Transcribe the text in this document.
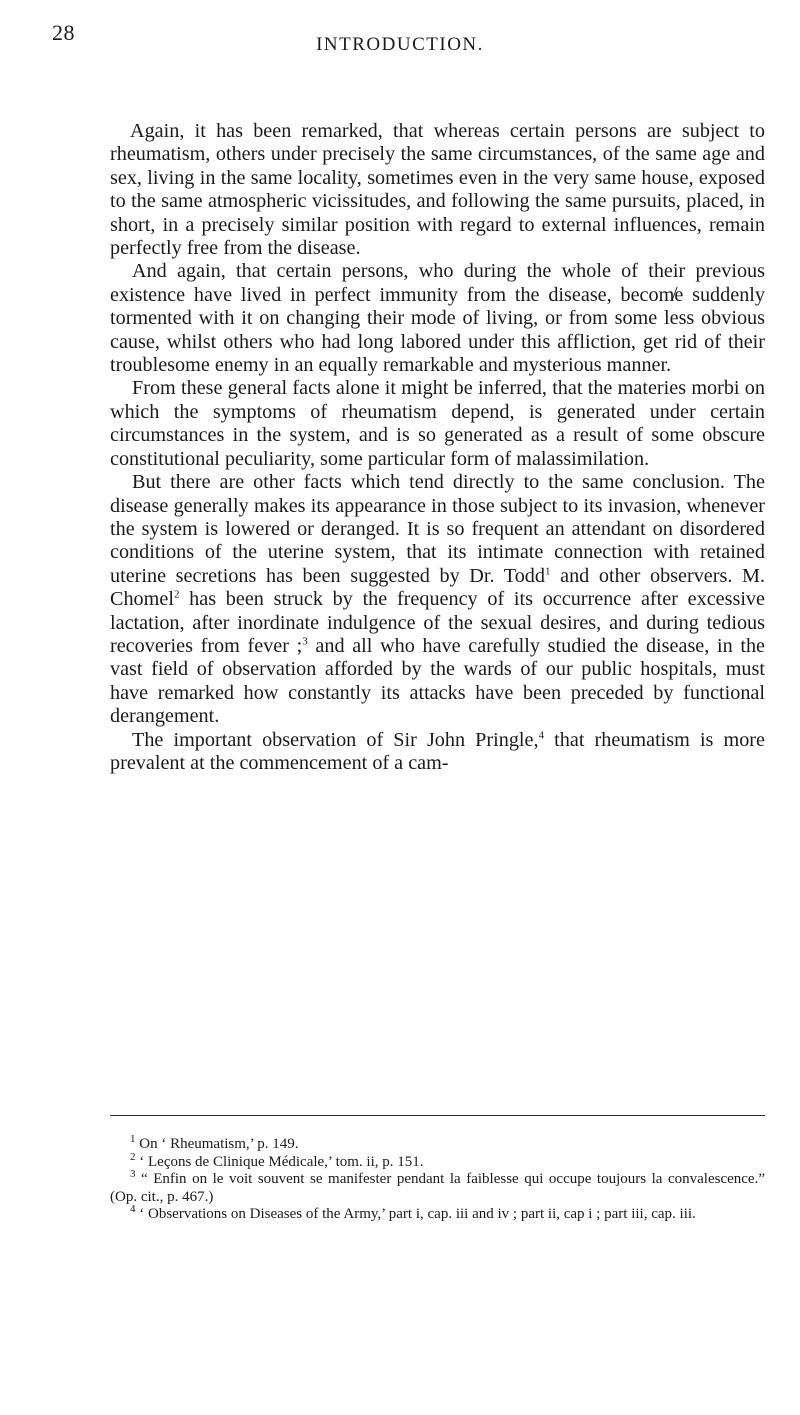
28	INTRODUCTION.

Again, it has been remarked, that whereas certain persons are subject to rheumatism, others under precisely the same circumstances, of the same age and sex, living in the same locality, sometimes even in the very same house, exposed to the same atmospheric vicissitudes, and following the same pursuits, placed, in short, in a precisely similar position with regard to external influences, remain perfectly free from the disease.

And again, that certain persons, who during the whole of their previous existence have lived in perfect immunity from the disease, becom̸e suddenly tormented with it on changing their mode of living, or from some less obvious cause, whilst others who had long labored under this affliction, get rid of their troublesome enemy in an equally remarkable and mysterious manner.

From these general facts alone it might be inferred, that the materies morbi on which the symptoms of rheumatism depend, is generated under certain circumstances in the system, and is so generated as a result of some obscure constitutional peculiarity, some particular form of malassimilation.

But there are other facts which tend directly to the same conclusion. The disease generally makes its appearance in those subject to its invasion, whenever the system is lowered or deranged. It is so frequent an attendant on disordered conditions of the uterine system, that its intimate connection with retained uterine secretions has been suggested by Dr. Todd$^1$ and other observers. M. Chomel$^2$ has been struck by the frequency of its occurrence after excessive lactation, after inordinate indulgence of the sexual desires, and during tedious recoveries from fever ;$^3$ and all who have carefully studied the disease, in the vast field of observation afforded by the wards of our public hospitals, must have remarked how constantly its attacks have been preceded by functional derangement.

The important observation of Sir John Pringle,$^4$ that rheumatism is more prevalent at the commencement of a cam-

$^1$ On ‘ Rheumatism,’ p. 149.

$^2$ ‘ Leçons de Clinique Médicale,’ tom. ii, p. 151.

$^3$ “ Enfin on le voit souvent se manifester pendant la faiblesse qui occupe toujours la convalescence.” (Op. cit., p. 467.)

$^4$ ‘ Observations on Diseases of the Army,’ part i, cap. iii and iv ; part ii, cap i ; part iii, cap. iii.
